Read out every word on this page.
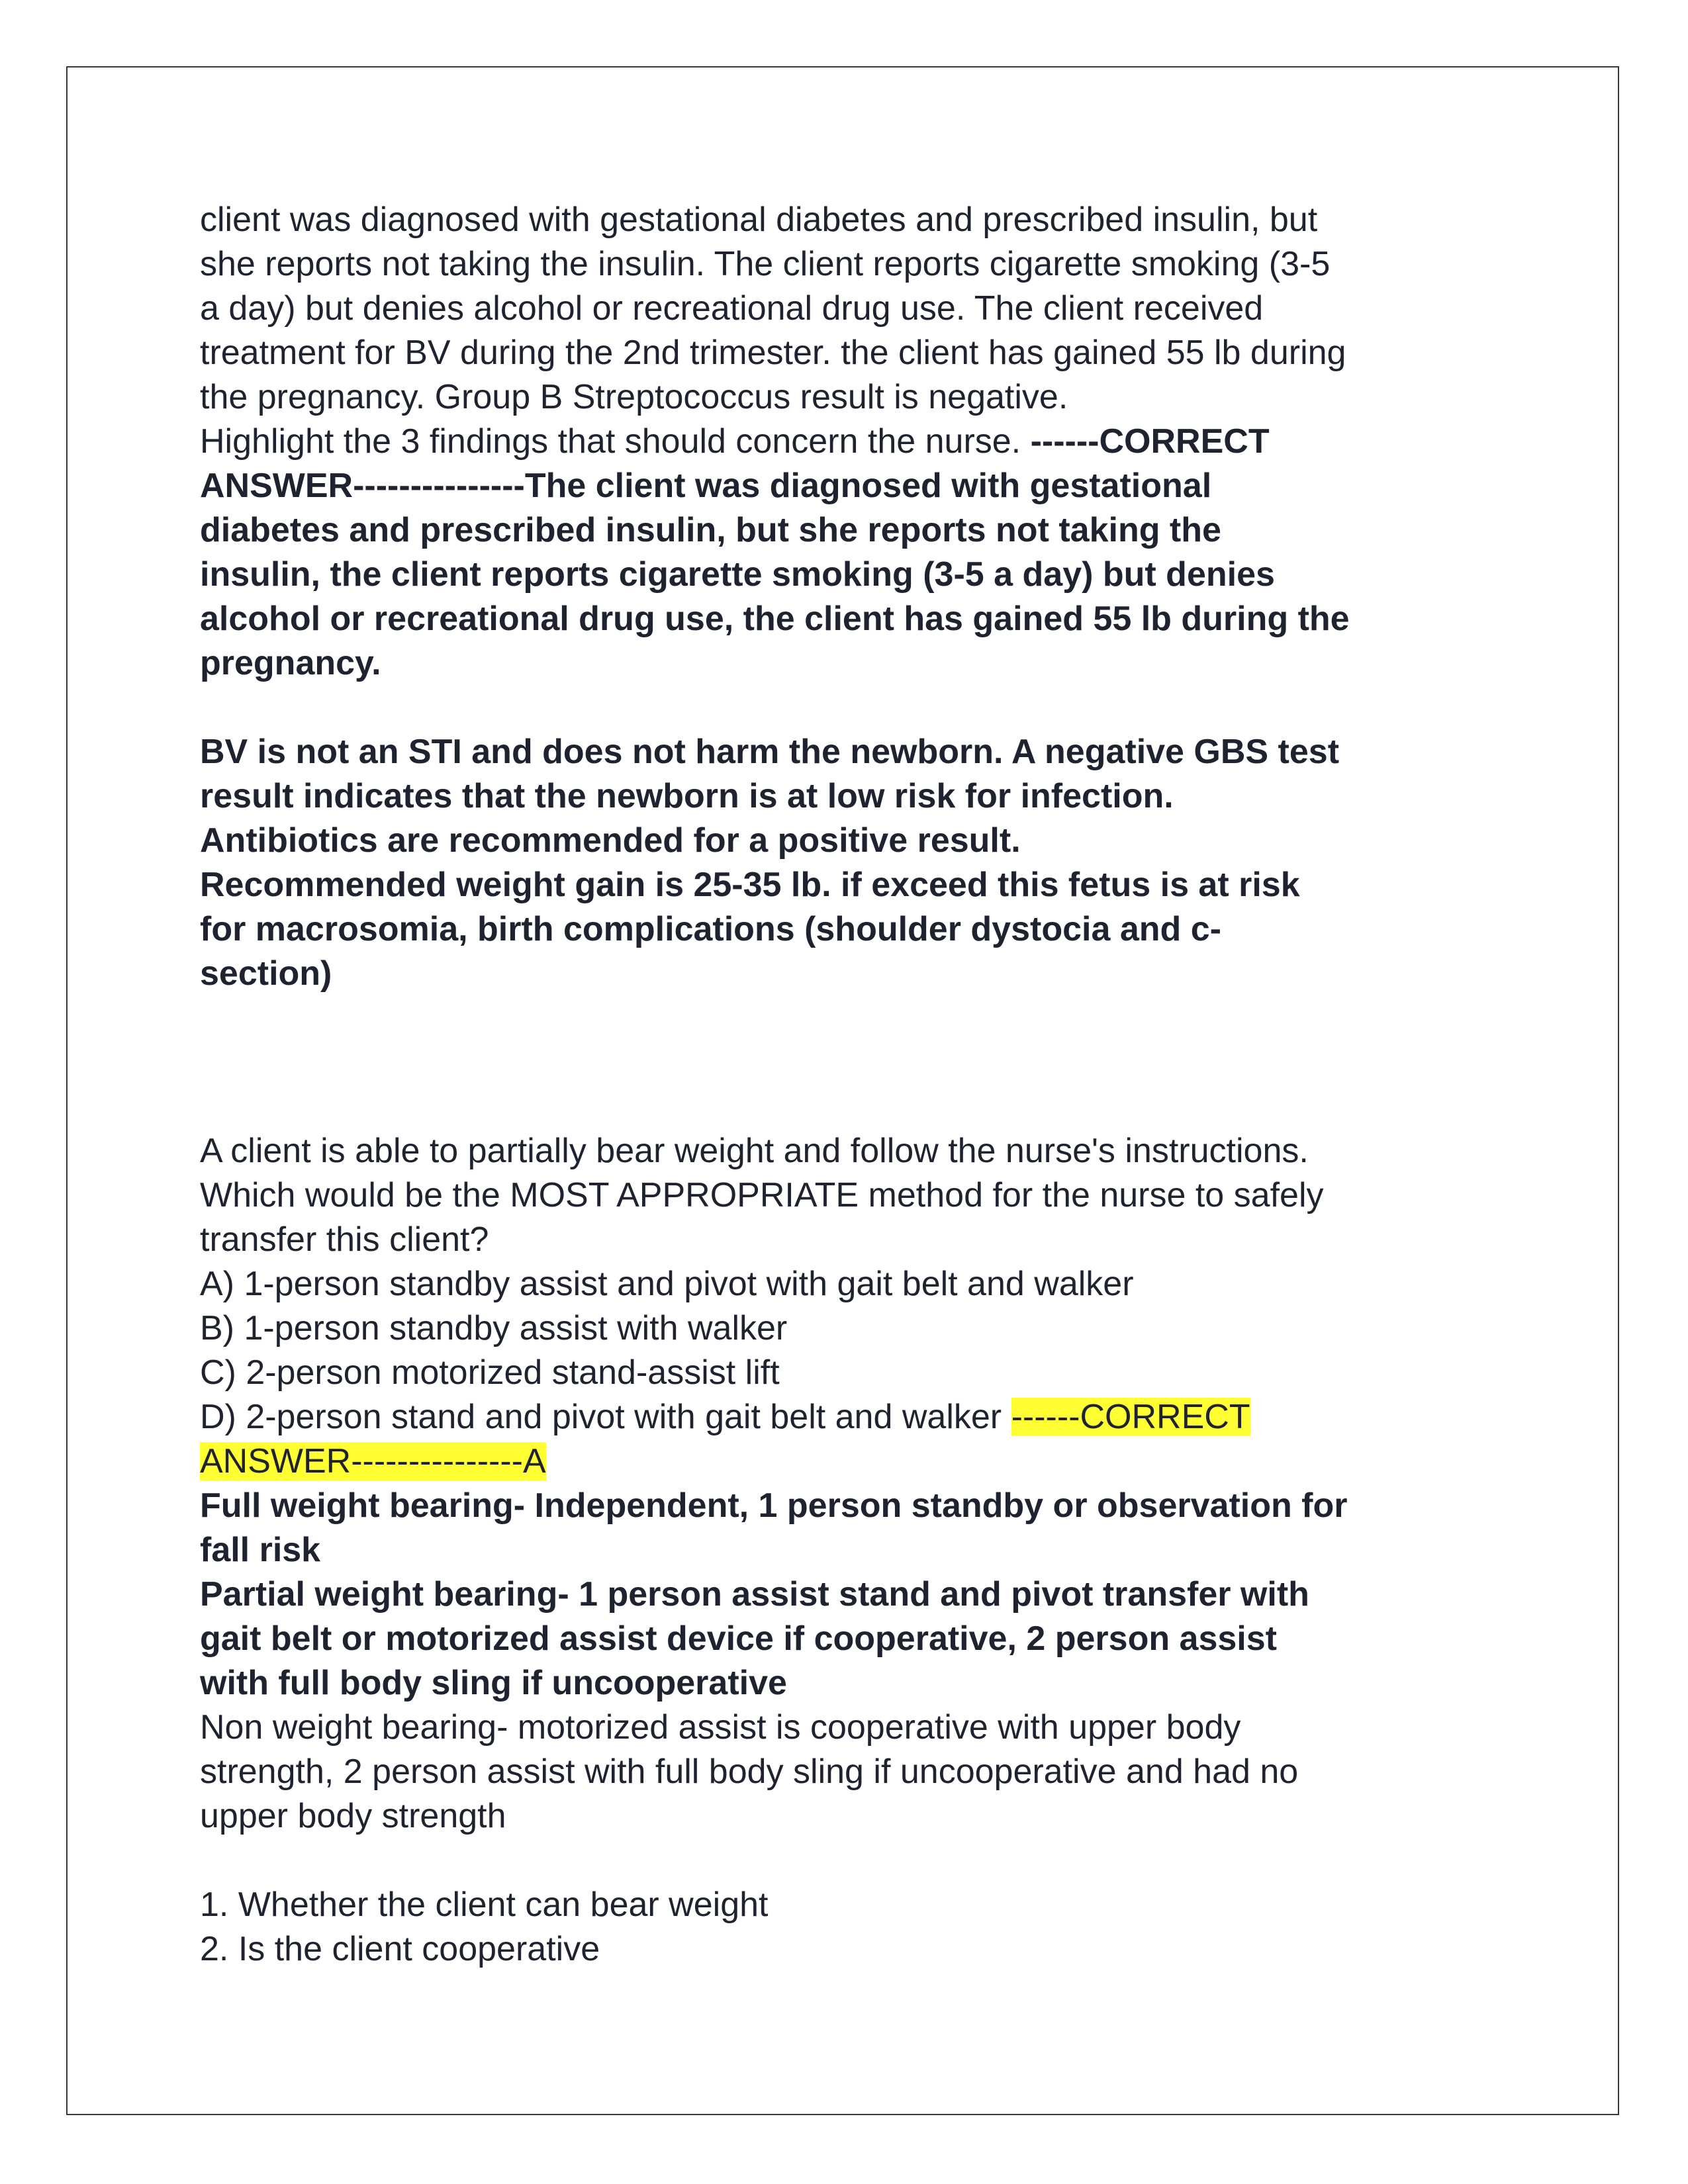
client was diagnosed with gestational diabetes and prescribed insulin, but
she reports not taking the insulin. The client reports cigarette smoking (3-5
a day) but denies alcohol or recreational drug use. The client received
treatment for BV during the 2nd trimester. the client has gained 55 lb during
the pregnancy. Group B Streptococcus result is negative.
Highlight the 3 findings that should concern the nurse. ------CORRECT
ANSWER---------------The client was diagnosed with gestational
diabetes and prescribed insulin, but she reports not taking the
insulin, the client reports cigarette smoking (3-5 a day) but denies
alcohol or recreational drug use, the client has gained 55 lb during the
pregnancy.
BV is not an STI and does not harm the newborn. A negative GBS test
result indicates that the newborn is at low risk for infection.
Antibiotics are recommended for a positive result.
Recommended weight gain is 25-35 lb. if exceed this fetus is at risk
for macrosomia, birth complications (shoulder dystocia and c-
section)
A client is able to partially bear weight and follow the nurse's instructions.
Which would be the MOST APPROPRIATE method for the nurse to safely
transfer this client?
A) 1-person standby assist and pivot with gait belt and walker
B) 1-person standby assist with walker
C) 2-person motorized stand-assist lift
D) 2-person stand and pivot with gait belt and walker ------CORRECT
ANSWER---------------A
Full weight bearing- Independent, 1 person standby or observation for
fall risk
Partial weight bearing- 1 person assist stand and pivot transfer with
gait belt or motorized assist device if cooperative, 2 person assist
with full body sling if uncooperative
Non weight bearing- motorized assist is cooperative with upper body
strength, 2 person assist with full body sling if uncooperative and had no
upper body strength
1. Whether the client can bear weight
2. Is the client cooperative
